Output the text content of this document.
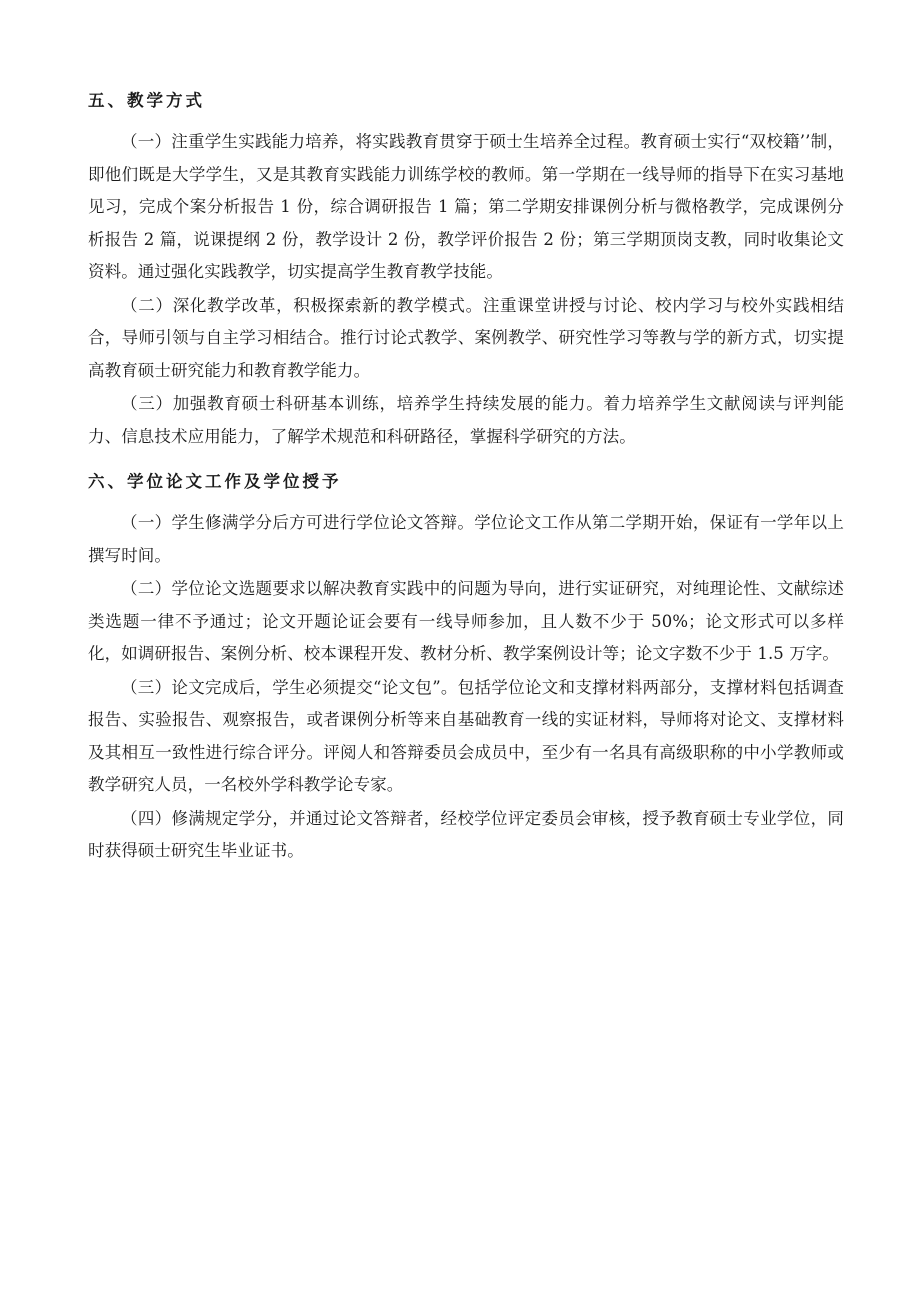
五、教学方式

（一）注重学生实践能力培养，将实践教育贯穿于硕士生培养全过程。教育硕士实行“双校籍’’制，即他们既是大学学生，又是其教育实践能力训练学校的教师。第一学期在一线导师的指导下在实习基地见习，完成个案分析报告 1 份，综合调研报告 1 篇；第二学期安排课例分析与微格教学，完成课例分析报告 2 篇，说课提纲 2 份，教学设计 2 份，教学评价报告 2 份；第三学期顶岗支教，同时收集论文资料。通过强化实践教学，切实提高学生教育教学技能。

（二）深化教学改革，积极探索新的教学模式。注重课堂讲授与讨论、校内学习与校外实践相结合，导师引领与自主学习相结合。推行讨论式教学、案例教学、研究性学习等教与学的新方式，切实提高教育硕士研究能力和教育教学能力。

（三）加强教育硕士科研基本训练，培养学生持续发展的能力。着力培养学生文献阅读与评判能力、信息技术应用能力，了解学术规范和科研路径，掌握科学研究的方法。

六、学位论文工作及学位授予

（一）学生修满学分后方可进行学位论文答辩。学位论文工作从第二学期开始，保证有一学年以上撰写时间。

（二）学位论文选题要求以解决教育实践中的问题为导向，进行实证研究，对纯理论性、文献综述类选题一律不予通过；论文开题论证会要有一线导师参加，且人数不少于 50%；论文形式可以多样化，如调研报告、案例分析、校本课程开发、教材分析、教学案例设计等；论文字数不少于 1.5 万字。

（三）论文完成后，学生必须提交“论文包”。包括学位论文和支撑材料两部分，支撑材料包括调查报告、实验报告、观察报告，或者课例分析等来自基础教育一线的实证材料，导师将对论文、支撑材料及其相互一致性进行综合评分。评阅人和答辩委员会成员中，至少有一名具有高级职称的中小学教师或教学研究人员，一名校外学科教学论专家。

（四）修满规定学分，并通过论文答辩者，经校学位评定委员会审核，授予教育硕士专业学位，同时获得硕士研究生毕业证书。
